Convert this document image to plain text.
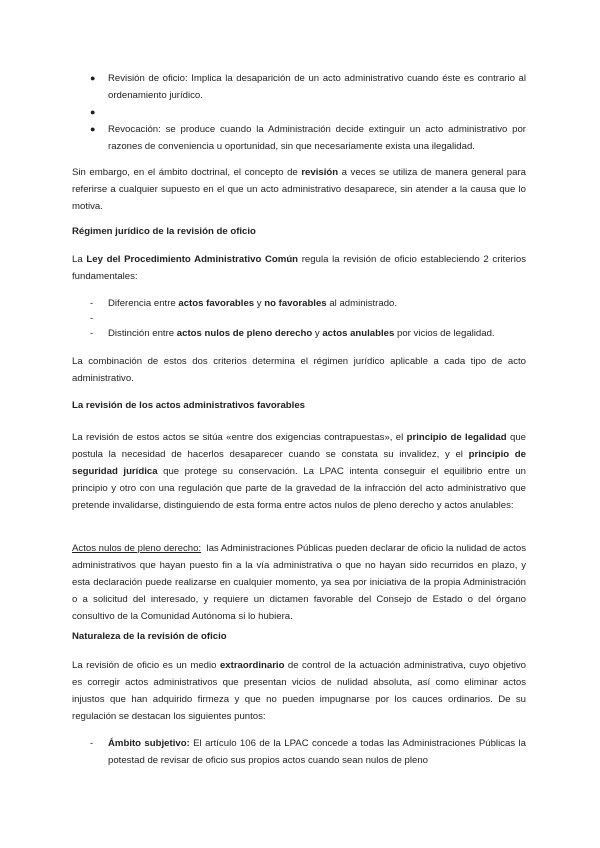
● Revisión de oficio: Implica la desaparición de un acto administrativo cuando éste es contrario al ordenamiento jurídico.

●

● Revocación: se produce cuando la Administración decide extinguir un acto administrativo por razones de conveniencia u oportunidad, sin que necesariamente exista una ilegalidad.

Sin embargo, en el ámbito doctrinal, el concepto de revisión a veces se utiliza de manera general para referirse a cualquier supuesto en el que un acto administrativo desaparece, sin atender a la causa que lo motiva.

Régimen jurídico de la revisión de oficio

La Ley del Procedimiento Administrativo Común regula la revisión de oficio estableciendo 2 criterios fundamentales:

- Diferencia entre actos favorables y no favorables al administrado.

-

- Distinción entre actos nulos de pleno derecho y actos anulables por vicios de legalidad.

La combinación de estos dos criterios determina el régimen jurídico aplicable a cada tipo de acto administrativo.

La revisión de los actos administrativos favorables

La revisión de estos actos se sitúa «entre dos exigencias contrapuestas», el principio de legalidad que postula la necesidad de hacerlos desaparecer cuando se constata su invalidez, y el principio de seguridad jurídica que protege su conservación. La LPAC intenta conseguir el equilibrio entre un principio y otro con una regulación que parte de la gravedad de la infracción del acto administrativo que pretende invalidarse, distinguiendo de esta forma entre actos nulos de pleno derecho y actos anulables:

Actos nulos de pleno derecho:  las Administraciones Públicas pueden declarar de oficio la nulidad de actos administrativos que hayan puesto fin a la vía administrativa o que no hayan sido recurridos en plazo, y esta declaración puede realizarse en cualquier momento, ya sea por iniciativa de la propia Administración o a solicitud del interesado, y requiere un dictamen favorable del Consejo de Estado o del órgano consultivo de la Comunidad Autónoma si lo hubiera.

Naturaleza de la revisión de oficio

La revisión de oficio es un medio extraordinario de control de la actuación administrativa, cuyo objetivo es corregir actos administrativos que presentan vicios de nulidad absoluta, así como eliminar actos injustos que han adquirido firmeza y que no pueden impugnarse por los cauces ordinarios. De su regulación se destacan los siguientes puntos:

- Ámbito subjetivo: El artículo 106 de la LPAC concede a todas las Administraciones Públicas la potestad de revisar de oficio sus propios actos cuando sean nulos de pleno
